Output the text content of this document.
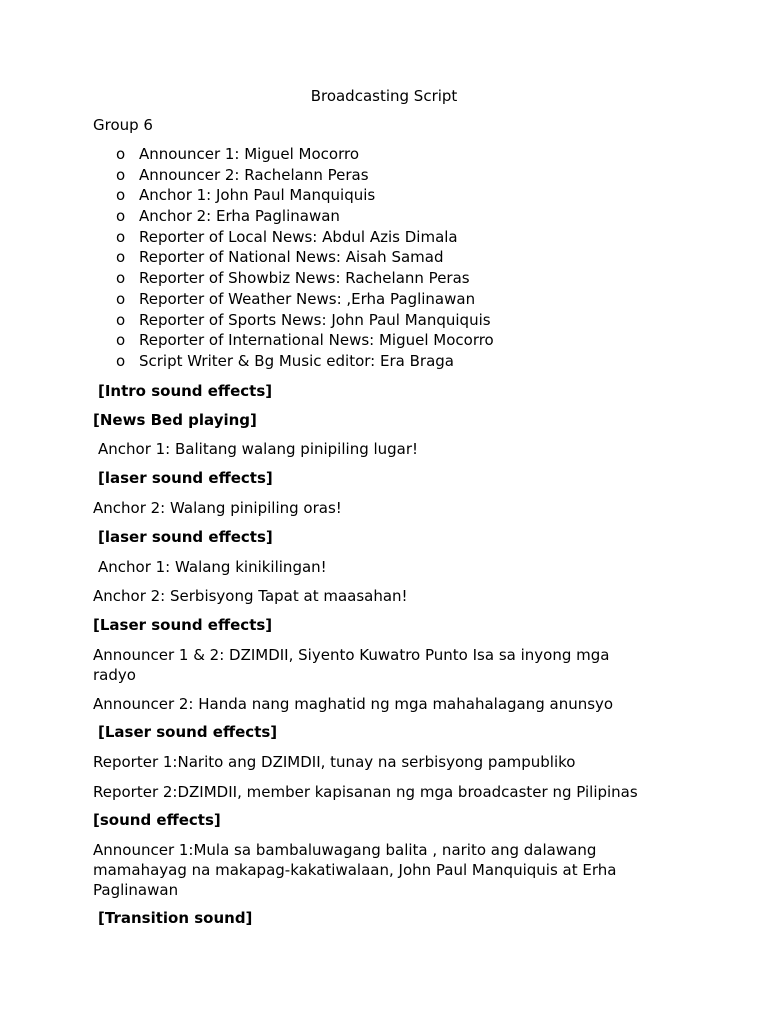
Broadcasting Script
Group 6
o Announcer 1: Miguel Mocorro
o Announcer 2: Rachelann Peras
o Anchor 1: John Paul Manquiquis
o Anchor 2: Erha Paglinawan
o Reporter of Local News: Abdul Azis Dimala
o Reporter of National News: Aisah Samad
o Reporter of Showbiz News: Rachelann Peras
o Reporter of Weather News: ,Erha Paglinawan
o Reporter of Sports News: John Paul Manquiquis
o Reporter of International News: Miguel Mocorro
o Script Writer & Bg Music editor: Era Braga
[Intro sound effects]
[News Bed playing]
Anchor 1: Balitang walang pinipiling lugar!
[laser sound effects]
Anchor 2: Walang pinipiling oras!
[laser sound effects]
Anchor 1: Walang kinikilingan!
Anchor 2: Serbisyong Tapat at maasahan!
[Laser sound effects]
Announcer 1 & 2: DZIMDII, Siyento Kuwatro Punto Isa sa inyong mga radyo
Announcer 2: Handa nang maghatid ng mga mahahalagang anunsyo
[Laser sound effects]
Reporter 1:Narito ang DZIMDII, tunay na serbisyong pampubliko
Reporter 2:DZIMDII, member kapisanan ng mga broadcaster ng Pilipinas
[sound effects]
Announcer 1:Mula sa bambaluwagang balita , narito ang dalawang mamahayag na makapag-kakatiwalaan, John Paul Manquiquis at Erha Paglinawan
[Transition sound]
